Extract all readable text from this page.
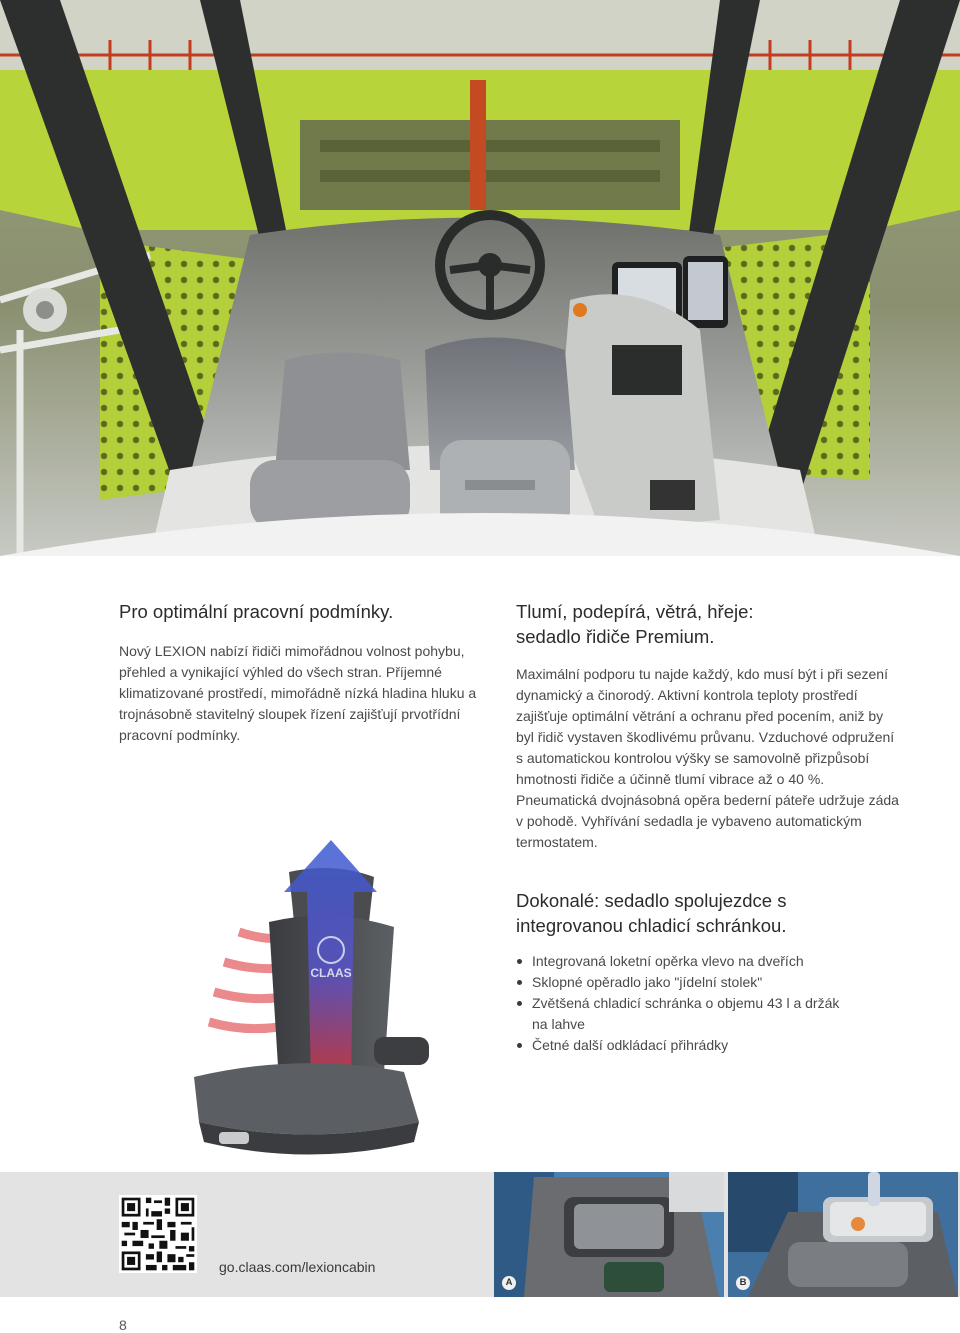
Pro optimální pracovní podmínky.
Nový LEXION nabízí řidiči mimořádnou volnost pohybu, přehled a vynikající výhled do všech stran. Příjemné klimatizované prostředí, mimořádně nízká hladina hluku a trojnásobně stavitelný sloupek řízení zajišťují prvotřídní pracovní podmínky.
Tlumí, podepírá, větrá, hřeje:
sedadlo řidiče Premium.
Maximální podporu tu najde každý, kdo musí být i při sezení dynamický a činorodý. Aktivní kontrola teploty prostředí zajišťuje optimální větrání a ochranu před pocením, aniž by byl řidič vystaven škodlivému průvanu. Vzduchové odpružení s automatickou kontrolou výšky se samovolně přizpůsobí hmotnosti řidiče a účinně tlumí vibrace až o 40 %. Pneumatická dvojnásobná opěra bederní páteře udržuje záda v pohodě. Vyhřívání sedadla je vybaveno automatickým termostatem.
Dokonalé: sedadlo spolujezdce s
integrovanou chladicí schránkou.
Integrovaná loketní opěrka vlevo na dveřích
Sklopné opěradlo jako "jídelní stolek"
Zvětšená chladicí schránka o objemu 43 l a držák na lahve
Četné další odkládací přihrádky
CLAAS
go.claas.com/lexioncabin
A	B
8
